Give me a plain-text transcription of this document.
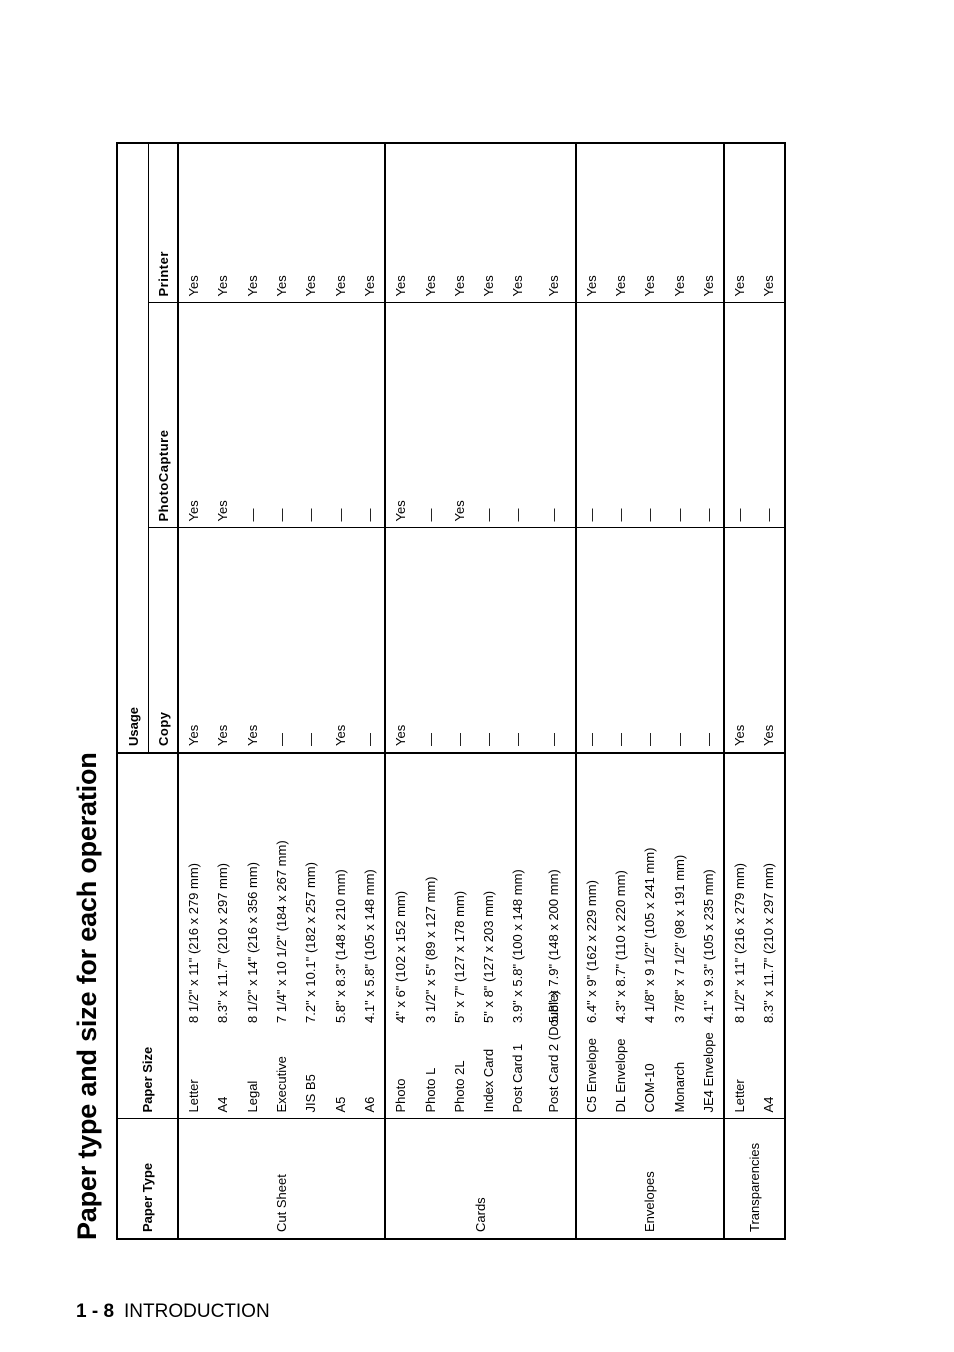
Paper type and size for each operation	Paper Type	Paper Size		Usage		
			Copy	PhotoCapture	Printer
Cut Sheet	Letter	8 1/2" x 11" (216 x 279 mm)	Yes	Yes	Yes
	A4	8.3" x 11.7" (210 x 297 mm)	Yes	Yes	Yes
	Legal	8 1/2" x 14" (216 x 356 mm)	Yes	—	Yes
	Executive	7 1/4" x 10 1/2" (184 x 267 mm)	—	—	Yes
	JIS B5	7.2" x 10.1" (182 x 257 mm)	—	—	Yes
	A5	5.8" x 8.3" (148 x 210 mm)	Yes	—	Yes
	A6	4.1" x 5.8" (105 x 148 mm)	—	—	Yes
Cards	Photo	4" x 6" (102 x 152 mm)	Yes	Yes	Yes
	Photo L	3 1/2" x 5" (89 x 127 mm)	—	—	Yes
	Photo 2L	5" x 7" (127 x 178 mm)	—	Yes	Yes
	Index Card	5" x 8" (127 x 203 mm)	—	—	Yes
	Post Card 1	3.9" x 5.8" (100 x 148 mm)	—	—	Yes
	Post Card 2 (Double)	5.8" x 7.9" (148 x 200 mm)	—	—	Yes
Envelopes	C5 Envelope	6.4" x 9" (162 x 229 mm)	—	—	Yes
	DL Envelope	4.3" x 8.7" (110 x 220 mm)	—	—	Yes
	COM-10	4 1/8" x 9 1/2" (105 x 241 mm)	—	—	Yes
	Monarch	3 7/8" x 7 1/2" (98 x 191 mm)	—	—	Yes
	JE4 Envelope	4.1" x 9.3" (105 x 235 mm)	—	—	Yes
Transparencies	Letter	8 1/2" x 11" (216 x 279 mm)	Yes	—	Yes
	A4	8.3" x 11.7" (210 x 297 mm)	Yes	—	Yes
1 - 8 INTRODUCTION
